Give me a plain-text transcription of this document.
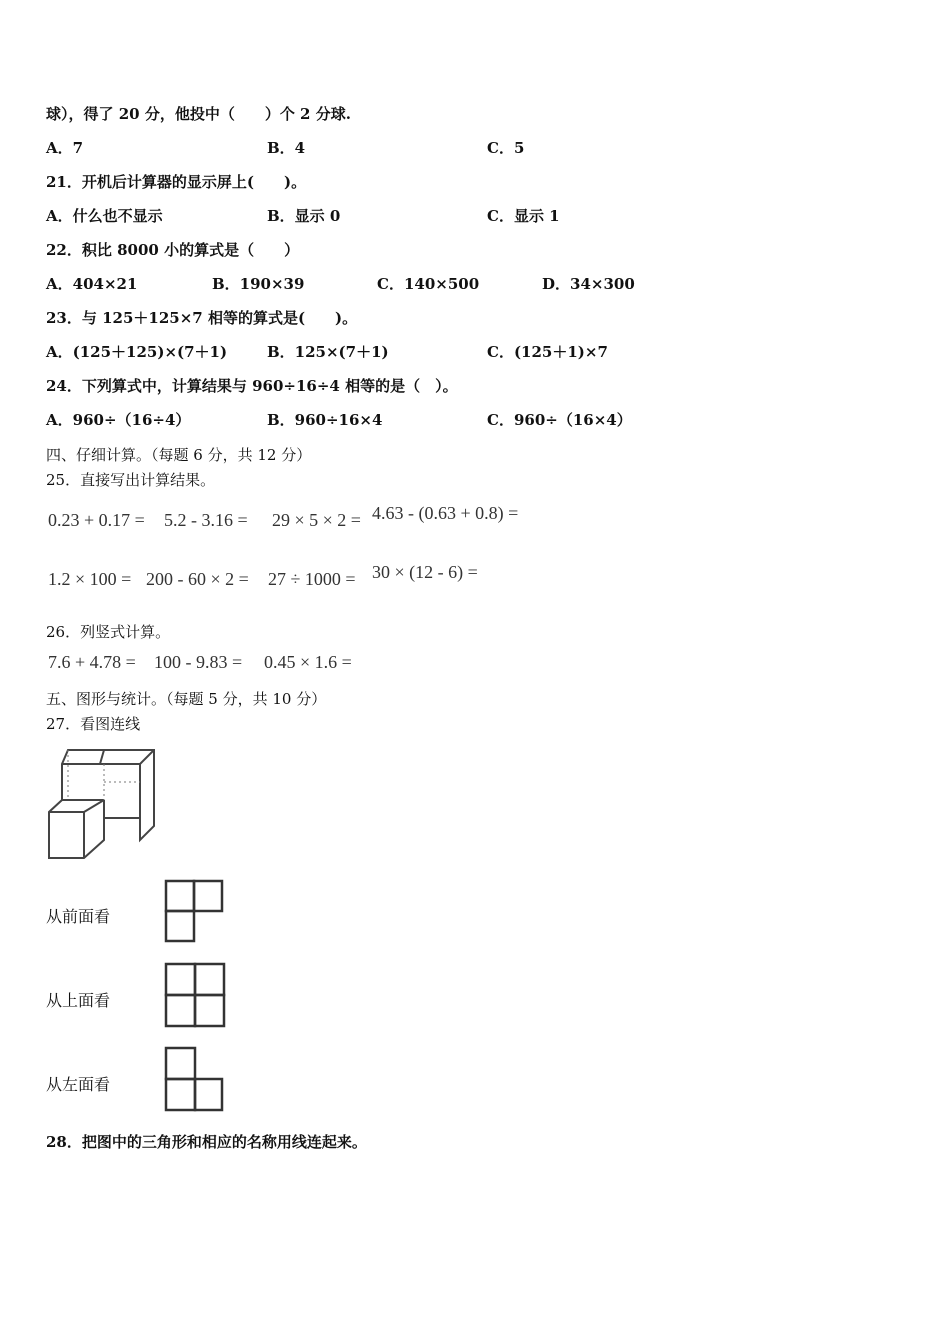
球），得了 20 分，他投中（　　）个 2 分球.
A．7	B．4	C．5
21．开机后计算器的显示屏上(　　)。
A．什么也不显示	B．显示 0	C．显示 1
22．积比 8000 小的算式是（　　）
A．404×21	B．190×39	C．140×500	D．34×300
23．与 125＋125×7 相等的算式是(　　)。
A．(125＋125)×(7＋1)	B．125×(7＋1)	C．(125＋1)×7
24．下列算式中，计算结果与 960÷16÷4 相等的是（　）。
A．960÷（16÷4）	B．960÷16×4	C．960÷（16×4）
四、仔细计算。（每题 6 分，共 12 分）
25．直接写出计算结果。
0.23 + 0.17 = 5.2 - 3.16 = 29 × 5 × 2 = 4.63 - (0.63 + 0.8) =
1.2 × 100 = 200 - 60 × 2 = 27 ÷ 1000 = 30 × (12 - 6) =
26．列竖式计算。
7.6 + 4.78 = 100 - 9.83 = 0.45 × 1.6 =
五、图形与统计。（每题 5 分，共 10 分）
27．看图连线
从前面看
从上面看
从左面看
28．把图中的三角形和相应的名称用线连起来。
